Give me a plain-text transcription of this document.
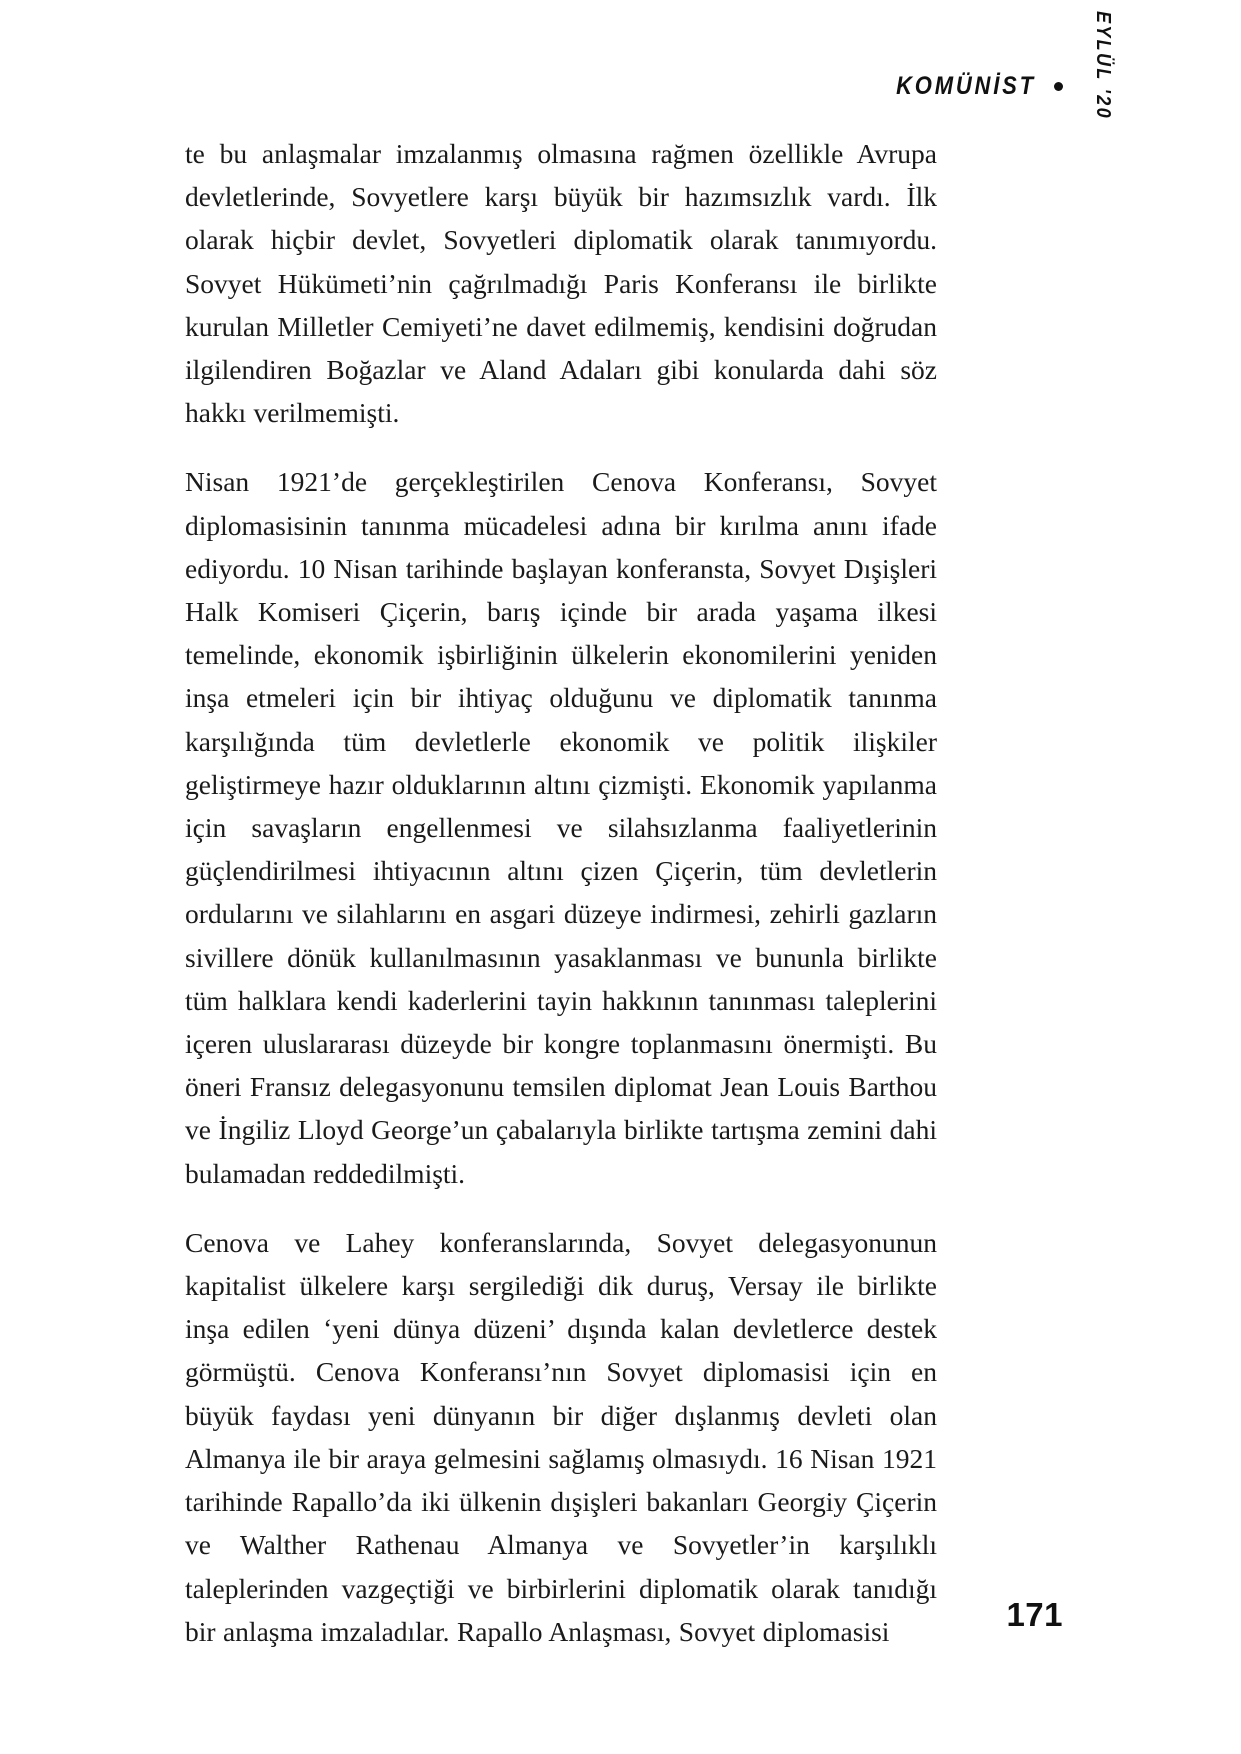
KOMÜNİST	EYLÜL '20

te bu anlaşmalar imzalanmış olmasına rağmen özellikle Avrupa devletlerinde, Sovyetlere karşı büyük bir hazımsızlık vardı. İlk olarak hiçbir devlet, Sovyetleri diplomatik olarak tanımıyordu. Sovyet Hükümeti’nin çağrılmadığı Paris Konferansı ile birlikte kurulan Milletler Cemiyeti’ne davet edilmemiş, kendisini doğrudan ilgilendiren Boğazlar ve Aland Adaları gibi konularda dahi söz hakkı verilmemişti.

Nisan 1921’de gerçekleştirilen Cenova Konferansı, Sovyet diplomasisinin tanınma mücadelesi adına bir kırılma anını ifade ediyordu. 10 Nisan tarihinde başlayan konferansta, Sovyet Dışişleri Halk Komiseri Çiçerin, barış içinde bir arada yaşama ilkesi temelinde, ekonomik işbirliğinin ülkelerin ekonomilerini yeniden inşa etmeleri için bir ihtiyaç olduğunu ve diplomatik tanınma karşılığında tüm devletlerle ekonomik ve politik ilişkiler geliştirmeye hazır olduklarının altını çizmişti. Ekonomik yapılanma için savaşların engellenmesi ve silahsızlanma faaliyetlerinin güçlendirilmesi ihtiyacının altını çizen Çiçerin, tüm devletlerin ordularını ve silahlarını en asgari düzeye indirmesi, zehirli gazların sivillere dönük kullanılmasının yasaklanması ve bununla birlikte tüm halklara kendi kaderlerini tayin hakkının tanınması taleplerini içeren uluslararası düzeyde bir kongre toplanmasını önermişti. Bu öneri Fransız delegasyonunu temsilen diplomat Jean Louis Barthou ve İngiliz Lloyd George’un çabalarıyla birlikte tartışma zemini dahi bulamadan reddedilmişti.

Cenova ve Lahey konferanslarında, Sovyet delegasyonunun kapitalist ülkelere karşı sergilediği dik duruş, Versay ile birlikte inşa edilen ‘yeni dünya düzeni’ dışında kalan devletlerce destek görmüştü. Cenova Konferansı’nın Sovyet diplomasisi için en büyük faydası yeni dünyanın bir diğer dışlanmış devleti olan Almanya ile bir araya gelmesini sağlamış olmasıydı. 16 Nisan 1921 tarihinde Rapallo’da iki ülkenin dışişleri bakanları Georgiy Çiçerin ve Walther Rathenau Almanya ve Sovyetler’in karşılıklı taleplerinden vazgeçtiği ve birbirlerini diplomatik olarak tanıdığı bir anlaşma imzaladılar. Rapallo Anlaşması, Sovyet diplomasisi	171
